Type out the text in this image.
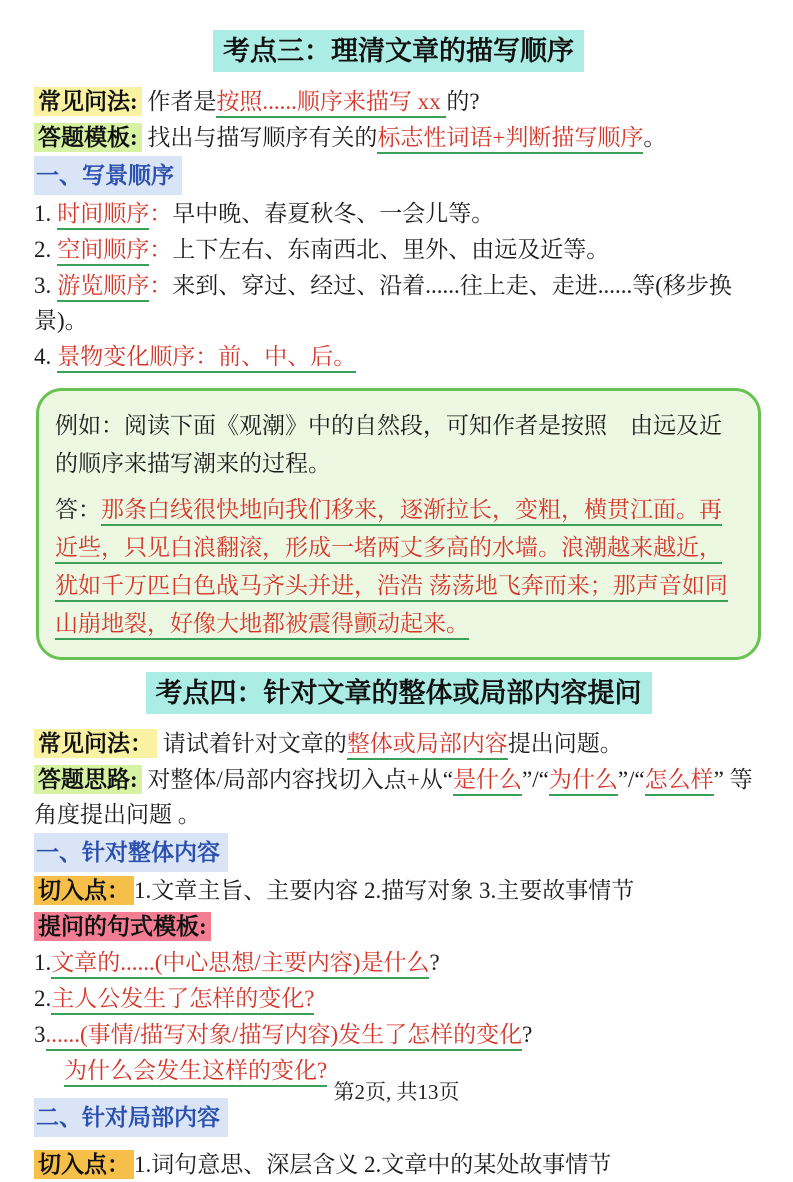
考点三：理清文章的描写顺序
常见问法: 作者是按照......顺序来描写 xx 的?
答题模板: 找出与描写顺序有关的标志性词语+判断描写顺序。
一、写景顺序
1. 时间顺序：早中晚、春夏秋冬、一会儿等。
2. 空间顺序：上下左右、东南西北、里外、由远及近等。
3. 游览顺序：来到、穿过、经过、沿着......往上走、走进......等(移步换景)。
4. 景物变化顺序：前、中、后。
例如：阅读下面《观潮》中的自然段，可知作者是按照　由远及近　的顺序来描写潮来的过程。
答：那条白线很快地向我们移来，逐渐拉长，变粗，横贯江面。再近些，只见白浪翻滚，形成一堵两丈多高的水墙。浪潮越来越近，犹如千万匹白色战马齐头并进，浩浩 荡荡地飞奔而来；那声音如同山崩地裂，好像大地都被震得颤动起来。
考点四：针对文章的整体或局部内容提问
常见问法： 请试着针对文章的整体或局部内容提出问题。
答题思路: 对整体/局部内容找切入点+从“是什么”/“为什么”/“怎么样” 等角度提出问题 。
一、针对整体内容
切入点： 1.文章主旨、主要内容 2.描写对象 3.主要故事情节
提问的句式模板:
1.文章的......(中心思想/主要内容)是什么?
2.主人公发生了怎样的变化?
3......(事情/描写对象/描写内容)发生了怎样的变化?
为什么会发生这样的变化?
二、针对局部内容
切入点： 1.词句意思、深层含义 2.文章中的某处故事情节
第2页, 共13页
